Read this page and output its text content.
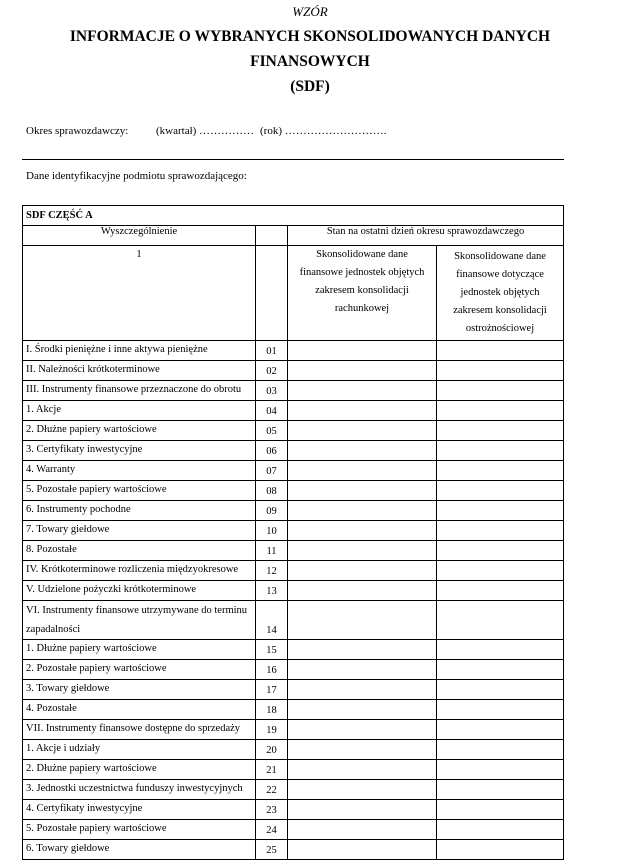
WZÓR
INFORMACJE O WYBRANYCH SKONSOLIDOWANYCH DANYCH
FINANSOWYCH
(SDF)
Okres sprawozdawczy:	(kwartał) …………… (rok) ……………………….
Dane identyfikacyjne podmiotu sprawozdającego:
SDF CZĘŚĆ A			
Wyszczególnienie		Stan na ostatni dzień okresu sprawozdawczego	
1		Skonsolidowane dane finansowe jednostek objętych zakresem konsolidacji rachunkowej	Skonsolidowane dane finansowe dotyczące jednostek objętych zakresem konsolidacji ostrożnościowej
I. Środki pieniężne i inne aktywa pieniężne	01		
II. Należności krótkoterminowe	02		
III. Instrumenty finansowe przeznaczone do obrotu	03		
1. Akcje	04		
2. Dłużne papiery wartościowe	05		
3. Certyfikaty inwestycyjne	06		
4. Warranty	07		
5. Pozostałe papiery wartościowe	08		
6. Instrumenty pochodne	09		
7. Towary giełdowe	10		
8. Pozostałe	11		
IV. Krótkoterminowe rozliczenia międzyokresowe	12		
V. Udzielone pożyczki krótkoterminowe	13		
VI. Instrumenty finansowe utrzymywane do terminu zapadalności	14		
1. Dłużne papiery wartościowe	15		
2. Pozostałe papiery wartościowe	16		
3. Towary giełdowe	17		
4. Pozostałe	18		
VII. Instrumenty finansowe dostępne do sprzedaży	19		
1. Akcje i udziały	20		
2. Dłużne papiery wartościowe	21		
3. Jednostki uczestnictwa funduszy inwestycyjnych	22		
4. Certyfikaty inwestycyjne	23		
5. Pozostałe papiery wartościowe	24		
6. Towary giełdowe	25		
